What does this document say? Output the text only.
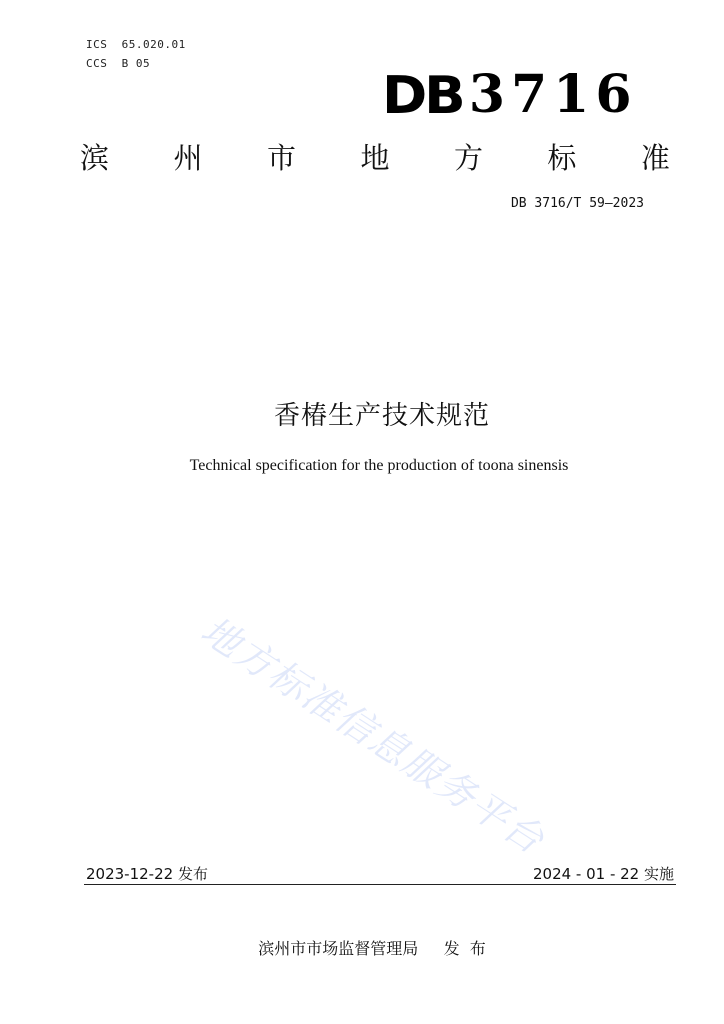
ICS  65.020.01
CCS  B 05
DB 3716
滨 州 市 地 方 标 准
DB 3716/T 59—2023
香椿生产技术规范
Technical specification for the production of toona sinensis
地方标准信息服务平台
2023-12-22 发布	2024 - 01 - 22 实施
滨州市市场监督管理局     发  布
